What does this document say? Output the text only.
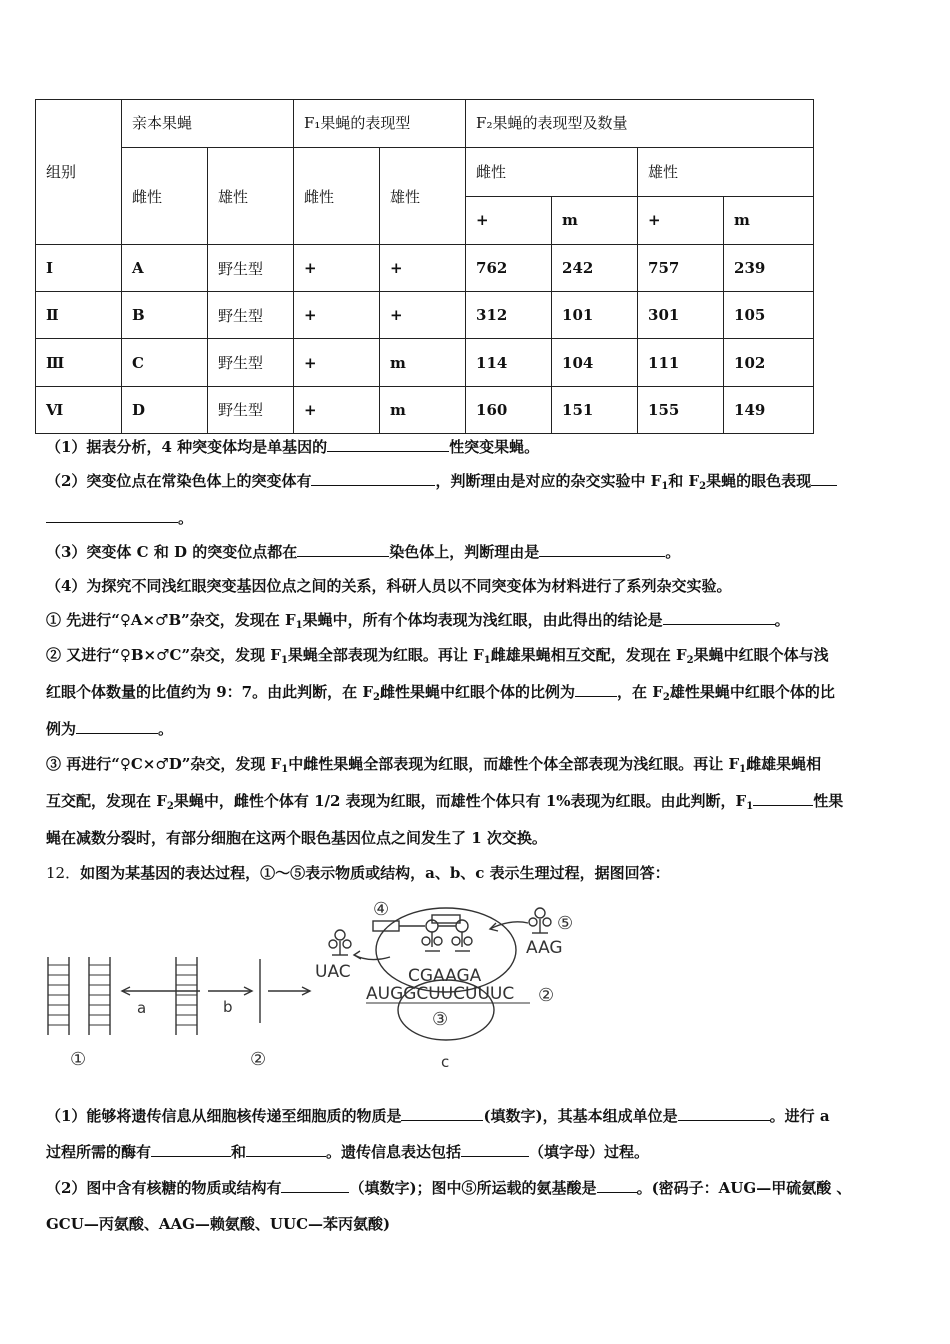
组别	亲本果蝇		F₁果蝇的表现型		F₂果蝇的表现型及数量			
	雌性	雄性	雌性	雄性	雌性		雄性	
					+	m	+	m
Ⅰ	A	野生型	+	+	762	242	757	239
Ⅱ	B	野生型	+	+	312	101	301	105
Ⅲ	C	野生型	+	m	114	104	111	102
Ⅵ	D	野生型	+	m	160	151	155	149
（1）据表分析，4 种突变体均是单基因的	性突变果蝇。
（2）突变位点在常染色体上的突变体有	，判断理由是对应的杂交实验中 $F_1$和 $F_2$果蝇的眼色表现
。
（3）突变体 C 和 D 的突变位点都在	染色体上，判断理由是	。
（4）为探究不同浅红眼突变基因位点之间的关系，科研人员以不同突变体为材料进行了系列杂交实验。
① 先进行“♀A×♂B”杂交，发现在 $F_1$果蝇中，所有个体均表现为浅红眼，由此得出的结论是	。
② 又进行“♀B×♂C”杂交，发现 $F_1$果蝇全部表现为红眼。再让 $F_1$雌雄果蝇相互交配，发现在 $F_2$果蝇中红眼个体与浅
红眼个体数量的比值约为 9：7。由此判断，在 $F_2$雌性果蝇中红眼个体的比例为	，在 $F_2$雄性果蝇中红眼个体的比
例为	。
③ 再进行“♀C×♂D”杂交，发现 $F_1$中雌性果蝇全部表现为红眼，而雄性个体全部表现为浅红眼。再让 $F_1$雌雄果蝇相
互交配，发现在 $F_2$果蝇中，雌性个体有 1/2 表现为红眼，而雄性个体只有 1%表现为红眼。由此判断，$F_1$	性果
蝇在减数分裂时，有部分细胞在这两个眼色基因位点之间发生了 1 次交换。
12．如图为某基因的表达过程，①～⑤表示物质或结构，a、b、c 表示生理过程，据图回答：
a	b
①	②
③
c
AUGGCUUCUUUC ②
CGAAGA
④
UAC
⑤
AAG
（1）能够将遗传信息从细胞核传递至细胞质的物质是	(填数字)，其基本组成单位是	。进行 a
过程所需的酶有	和	。遗传信息表达包括	（填字母）过程。
（2）图中含有核糖的物质或结构有	（填数字)；图中⑤所运载的氨基酸是	。(密码子：AUG—甲硫氨酸 、
GCU—丙氨酸、AAG—赖氨酸、UUC—苯丙氨酸)
